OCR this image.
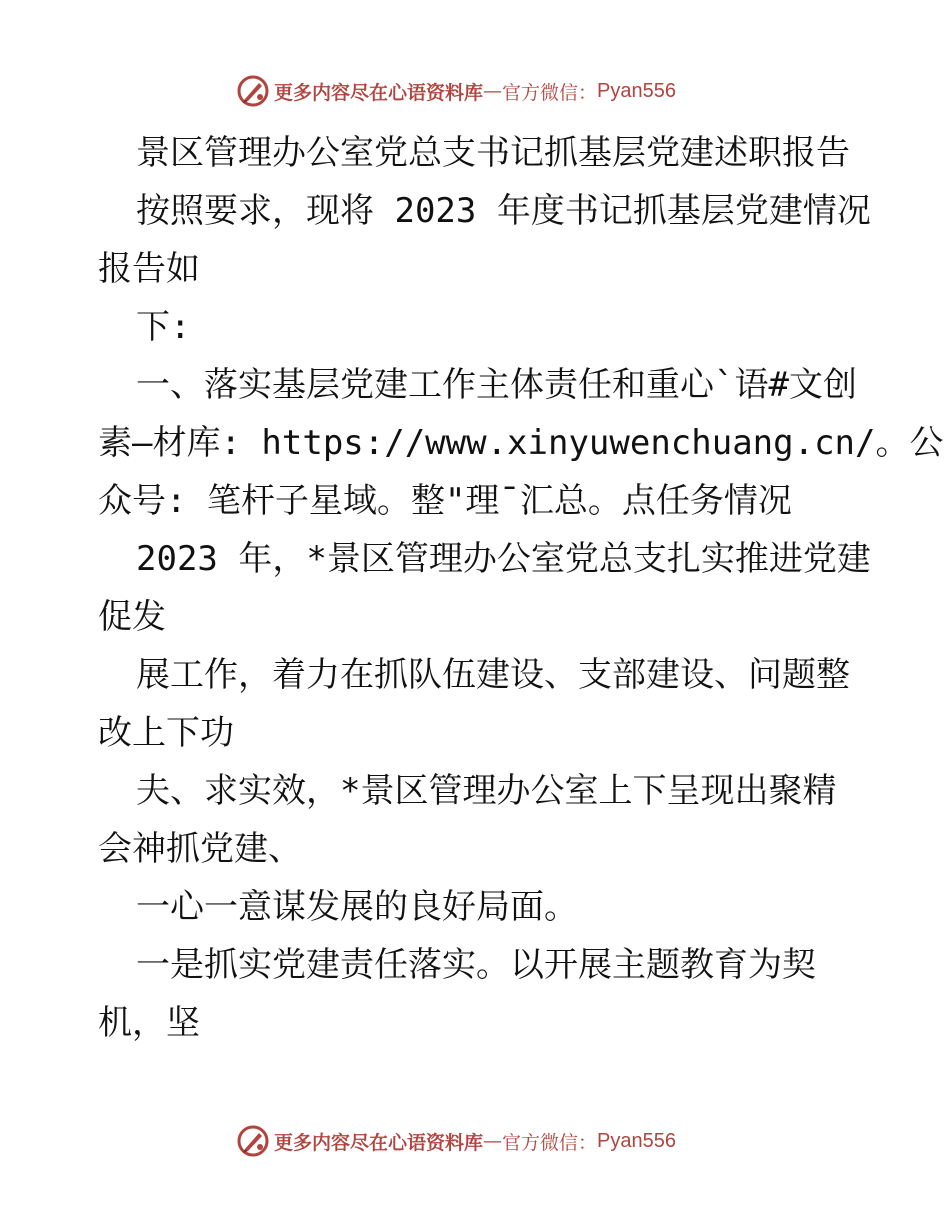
更多内容尽在心语资料库 — 官方微信： Pyan556
景区管理办公室党总支书记抓基层党建述职报告
按照要求，现将 2023 年度书记抓基层党建情况
报告如
下:
一、落实基层党建工作主体责任和重心`语#文创
素—材库: https://www.xinyuwenchuang.cn/。公
众号: 笔杆子星域。整"理¯汇总。点任务情况
2023 年，*景区管理办公室党总支扎实推进党建
促发
展工作，着力在抓队伍建设、支部建设、问题整
改上下功
夫、求实效，*景区管理办公室上下呈现出聚精
会神抓党建、
一心一意谋发展的良好局面。
一是抓实党建责任落实。以开展主题教育为契
机，坚
更多内容尽在心语资料库 — 官方微信： Pyan556
